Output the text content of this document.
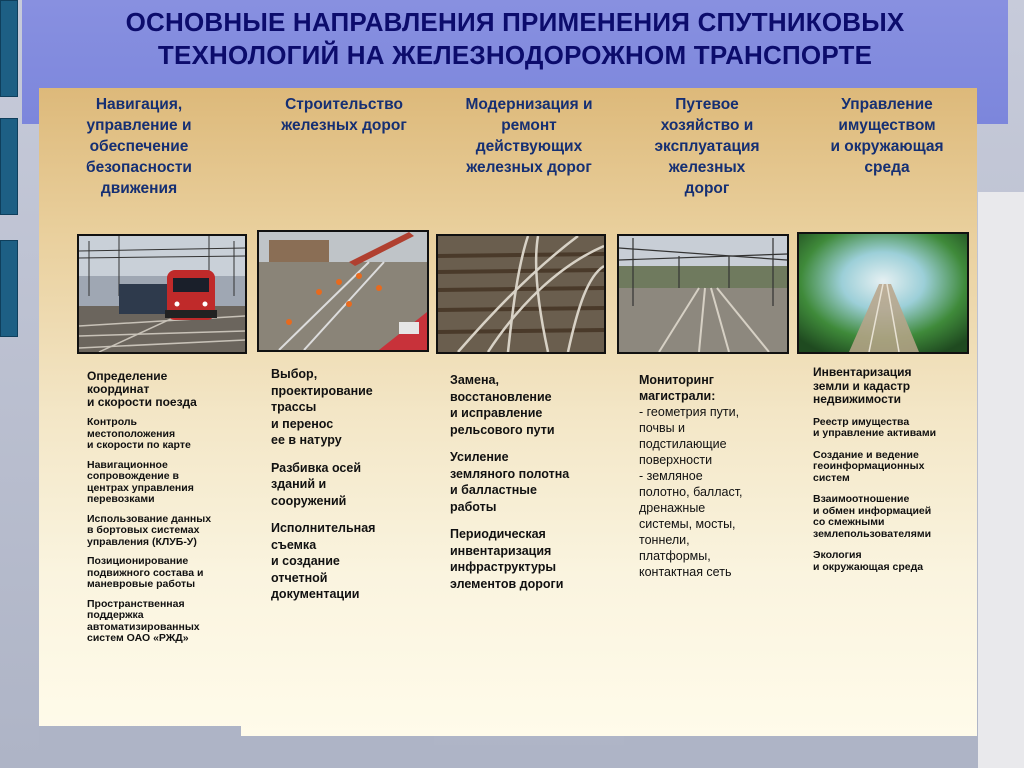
ОСНОВНЫЕ НАПРАВЛЕНИЯ ПРИМЕНЕНИЯ СПУТНИКОВЫХ
ТЕХНОЛОГИЙ НА ЖЕЛЕЗНОДОРОЖНОМ ТРАНСПОРТЕ
Навигация,
управление и
обеспечение
безопасности
движения
Определение
координат
и скорости поезда
Контроль
местоположения
и скорости по карте
Навигационное
сопровождение в
центрах управления
перевозками
Использование данных
в бортовых системах
управления (КЛУБ-У)
Позиционирование
подвижного состава и
маневровые работы
Пространственная
поддержка
автоматизированных
систем ОАО «РЖД»
Строительство
железных дорог
Выбор,
проектирование
трассы
и перенос
ее в натуру
Разбивка осей
зданий и
сооружений
Исполнительная
съемка
и создание
отчетной
документации
Модернизация и
ремонт
действующих
железных дорог
Замена,
восстановление
и исправление
рельсового пути
Усиление
земляного полотна
и балластные
работы
Периодическая
инвентаризация
инфраструктуры
элементов дороги
Путевое
хозяйство и
эксплуатация
железных
дорог
Мониторинг
магистрали:
- геометрия пути,
почвы и
подстилающие
поверхности
- земляное
полотно, балласт,
дренажные
системы, мосты,
тоннели,
платформы,
контактная сеть
Управление
имуществом
и окружающая
среда
Инвентаризация
земли и кадастр
недвижимости
Реестр имущества
и управление активами
Создание и ведение
геоинформационных
систем
Взаимоотношение
и обмен информацией
со смежными
землепользователями
Экология
и окружающая среда
